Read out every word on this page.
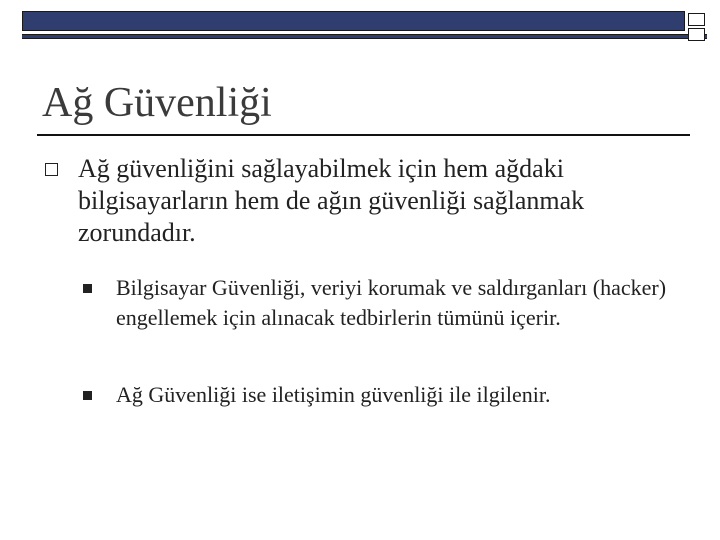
Ağ Güvenliği
Ağ güvenliğini sağlayabilmek için hem ağdaki bilgisayarların hem de ağın güvenliği sağlanmak zorundadır.
Bilgisayar Güvenliği, veriyi korumak ve saldırganları (hacker) engellemek için alınacak tedbirlerin tümünü içerir.
Ağ Güvenliği ise iletişimin güvenliği ile ilgilenir.
